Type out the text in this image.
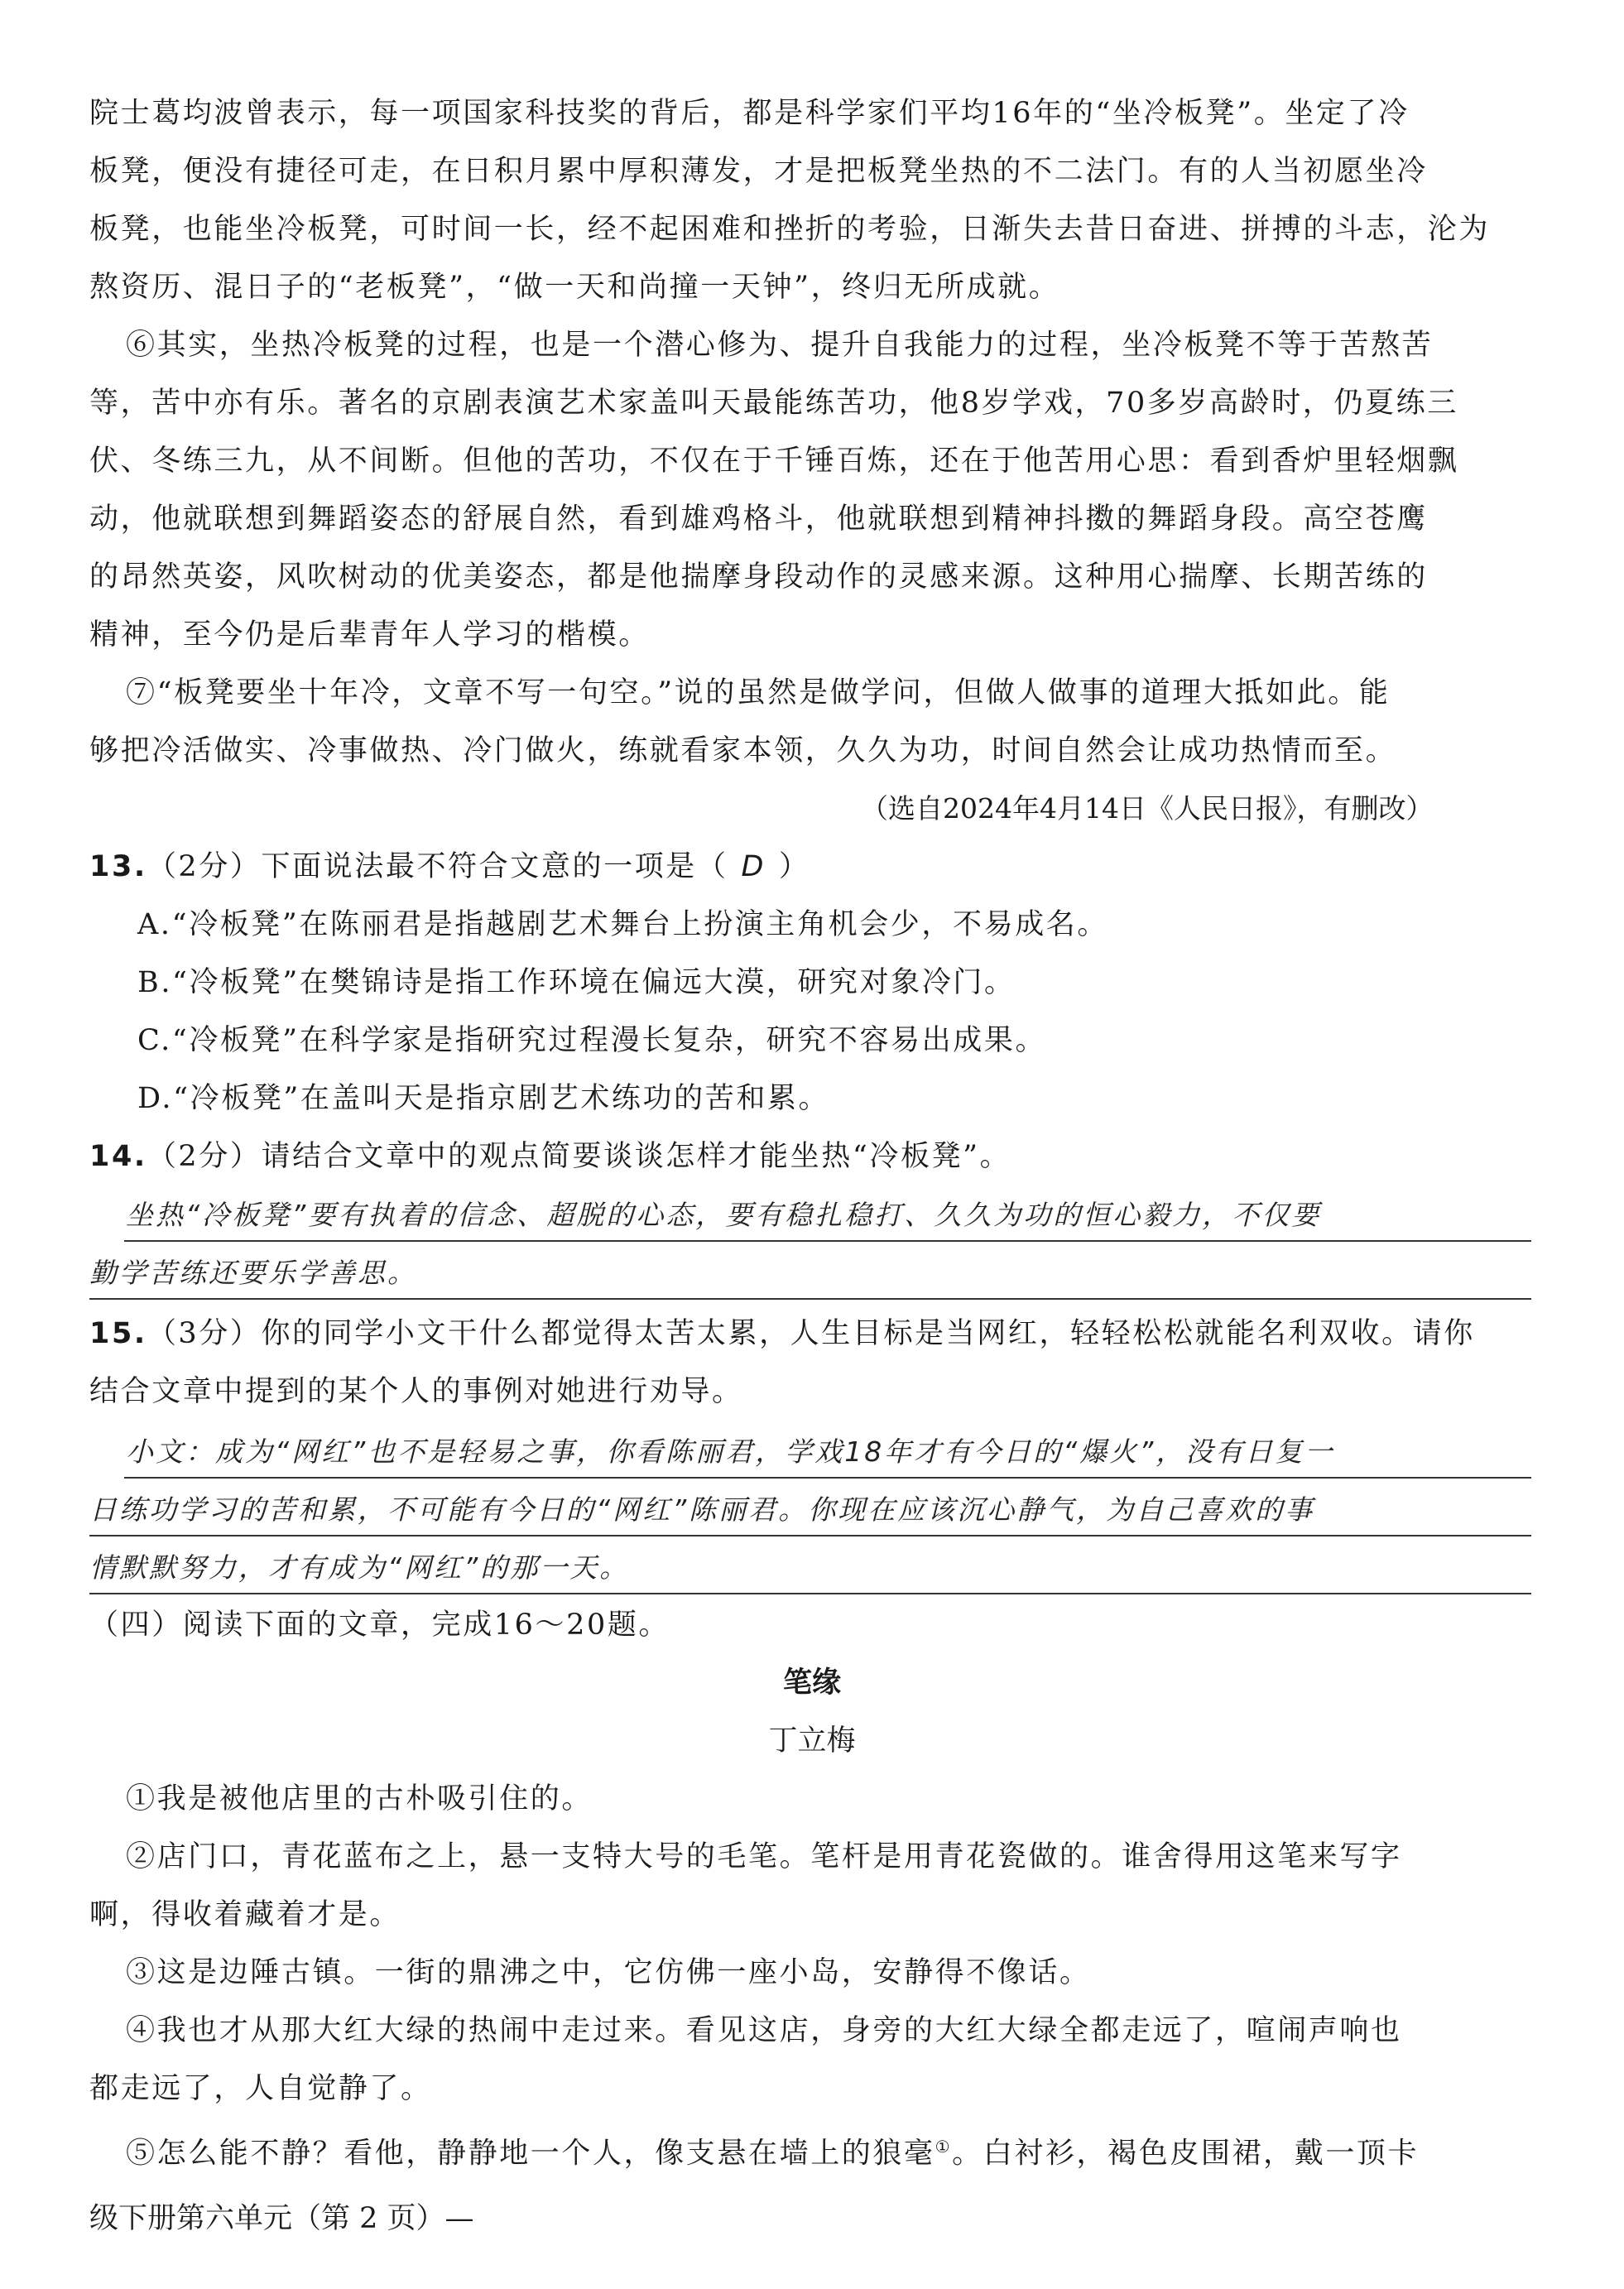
院士葛均波曾表示，每一项国家科技奖的背后，都是科学家们平均16年的“坐冷板凳”。坐定了冷
板凳，便没有捷径可走，在日积月累中厚积薄发，才是把板凳坐热的不二法门。有的人当初愿坐冷
板凳，也能坐冷板凳，可时间一长，经不起困难和挫折的考验，日渐失去昔日奋进、拼搏的斗志，沦为
熬资历、混日子的“老板凳”，“做一天和尚撞一天钟”，终归无所成就。
⑥其实，坐热冷板凳的过程，也是一个潜心修为、提升自我能力的过程，坐冷板凳不等于苦熬苦
等，苦中亦有乐。著名的京剧表演艺术家盖叫天最能练苦功，他8岁学戏，70多岁高龄时，仍夏练三
伏、冬练三九，从不间断。但他的苦功，不仅在于千锤百炼，还在于他苦用心思：看到香炉里轻烟飘
动，他就联想到舞蹈姿态的舒展自然，看到雄鸡格斗，他就联想到精神抖擞的舞蹈身段。高空苍鹰
的昂然英姿，风吹树动的优美姿态，都是他揣摩身段动作的灵感来源。这种用心揣摩、长期苦练的
精神，至今仍是后辈青年人学习的楷模。
⑦“板凳要坐十年冷，文章不写一句空。”说的虽然是做学问，但做人做事的道理大抵如此。能
够把冷活做实、冷事做热、冷门做火，练就看家本领，久久为功，时间自然会让成功热情而至。
（选自2024年4月14日《人民日报》，有删改）
13.（2分）下面说法最不符合文意的一项是（ D ）
A.“冷板凳”在陈丽君是指越剧艺术舞台上扮演主角机会少，不易成名。
B.“冷板凳”在樊锦诗是指工作环境在偏远大漠，研究对象冷门。
C.“冷板凳”在科学家是指研究过程漫长复杂，研究不容易出成果。
D.“冷板凳”在盖叫天是指京剧艺术练功的苦和累。
14.（2分）请结合文章中的观点简要谈谈怎样才能坐热“冷板凳”。
坐热“冷板凳”要有执着的信念、超脱的心态，要有稳扎稳打、久久为功的恒心毅力，不仅要
勤学苦练还要乐学善思。
15.（3分）你的同学小文干什么都觉得太苦太累，人生目标是当网红，轻轻松松就能名利双收。请你
结合文章中提到的某个人的事例对她进行劝导。
小文：成为“网红”也不是轻易之事，你看陈丽君，学戏18年才有今日的“爆火”，没有日复一
日练功学习的苦和累，不可能有今日的“网红”陈丽君。你现在应该沉心静气，为自己喜欢的事
情默默努力，才有成为“网红”的那一天。
（四）阅读下面的文章，完成16～20题。
笔缘
丁立梅
①我是被他店里的古朴吸引住的。
②店门口，青花蓝布之上，悬一支特大号的毛笔。笔杆是用青花瓷做的。谁舍得用这笔来写字
啊，得收着藏着才是。
③这是边陲古镇。一街的鼎沸之中，它仿佛一座小岛，安静得不像话。
④我也才从那大红大绿的热闹中走过来。看见这店，身旁的大红大绿全都走远了，喧闹声响也
都走远了，人自觉静了。
⑤怎么能不静？看他，静静地一个人，像支悬在墙上的狼毫①。白衬衫，褐色皮围裙，戴一顶卡
级下册第六单元（第 2 页）—
